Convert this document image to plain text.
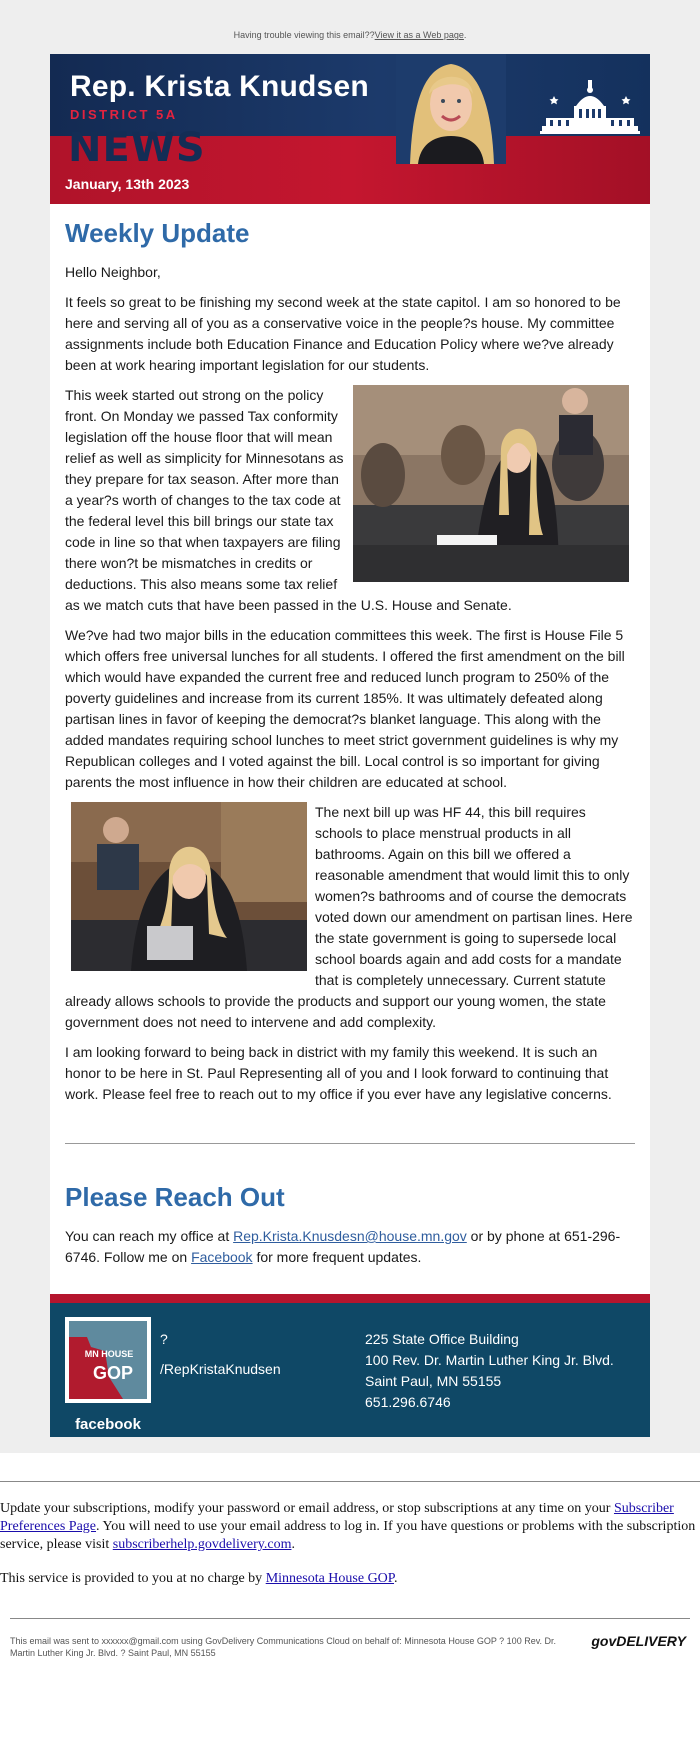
Having trouble viewing this email??View it as a Web page.
Rep. Krista Knudsen
DISTRICT 5A
NEWS
January, 13th 2023
Weekly Update

Hello Neighbor,

It feels so great to be finishing my second week at the state capitol. I am so honored to be here and serving all of you as a conservative voice in the people?s house. My committee assignments include both Education Finance and Education Policy where we?ve already been at work hearing important legislation for our students.

This week started out strong on the policy front. On Monday we passed Tax conformity legislation off the house floor that will mean relief as well as simplicity for Minnesotans as they prepare for tax season. After more than a year?s worth of changes to the tax code at the federal level this bill brings our state tax code in line so that when taxpayers are filing there won?t be mismatches in credits or deductions. This also means some tax relief as we match cuts that have been passed in the U.S. House and Senate.

We?ve had two major bills in the education committees this week. The first is House File 5 which offers free universal lunches for all students. I offered the first amendment on the bill which would have expanded the current free and reduced lunch program to 250% of the poverty guidelines and increase from its current 185%. It was ultimately defeated along partisan lines in favor of keeping the democrat?s blanket language. This along with the added mandates requiring school lunches to meet strict government guidelines is why my Republican colleges and I voted against the bill. Local control is so important for giving parents the most influence in how their children are educated at school.

The next bill up was HF 44, this bill requires schools to place menstrual products in all bathrooms. Again on this bill we offered a reasonable amendment that would limit this to only women?s bathrooms and of course the democrats voted down our amendment on partisan lines. Here the state government is going to supersede local school boards again and add costs for a mandate that is completely unnecessary. Current statute already allows schools to provide the products and support our young women, the state government does not need to intervene and add complexity.

I am looking forward to being back in district with my family this weekend. It is such an honor to be here in St. Paul Representing all of you and I look forward to continuing that work. Please feel free to reach out to my office if you ever have any legislative concerns.

Please Reach Out

You can reach my office at Rep.Krista.Knusdesn@house.mn.gov or by phone at 651-296-6746. Follow me on Facebook for more frequent updates.

MN HOUSE
GOP
facebook
?
/RepKristaKnudsen
225 State Office Building
100 Rev. Dr. Martin Luther King Jr. Blvd.
Saint Paul, MN 55155
651.296.6746

Update your subscriptions, modify your password or email address, or stop subscriptions at any time on your Subscriber Preferences Page. You will need to use your email address to log in. If you have questions or problems with the subscription service, please visit subscriberhelp.govdelivery.com.

This service is provided to you at no charge by Minnesota House GOP.

This email was sent to xxxxxx@gmail.com using GovDelivery Communications Cloud on behalf of: Minnesota House GOP ? 100 Rev. Dr. Martin Luther King Jr. Blvd. ? Saint Paul, MN 55155
govDELIVERY
